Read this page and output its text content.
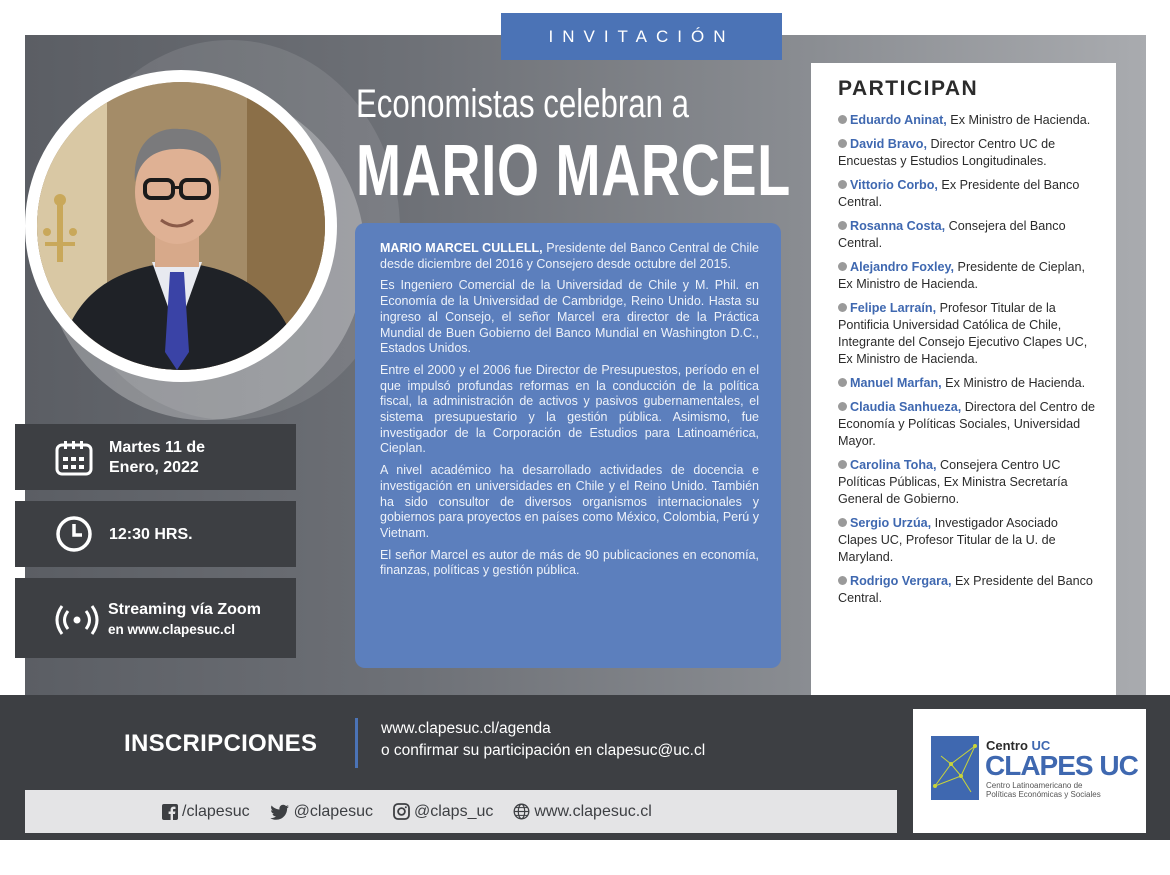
INVITACIÓN
Economistas celebran a
MARIO MARCEL

MARIO MARCEL CULLELL, Presidente del Banco Central de Chile desde diciembre del 2016 y Consejero desde octubre del 2015.

Es Ingeniero Comercial de la Universidad de Chile y M. Phil. en Economía de la Universidad de Cambridge, Reino Unido. Hasta su ingreso al Consejo, el señor Marcel era director de la Práctica Mundial de Buen Gobierno del Banco Mundial en Washington D.C., Estados Unidos.

Entre el 2000 y el 2006 fue Director de Presupuestos, período en el que impulsó profundas reformas en la conducción de la política fiscal, la administración de activos y pasivos gubernamentales, el sistema presupuestario y la gestión pública. Asimismo, fue investigador de la Corporación de Estudios para Latinoamérica, Cieplan.

A nivel académico ha desarrollado actividades de docencia e investigación en universidades en Chile y el Reino Unido. También ha sido consultor de diversos organismos internacionales y gobiernos para proyectos en países como México, Colombia, Perú y Vietnam.

El señor Marcel es autor de más de 90 publicaciones en economía, finanzas, políticas y gestión pública.

Martes 11 de
Enero, 2022
12:30 HRS.
Streaming vía Zoom
en www.clapesuc.cl
PARTICIPAN
Eduardo Aninat, Ex Ministro de Hacienda.
David Bravo, Director Centro UC de Encuestas y Estudios Longitudinales.
Vittorio Corbo, Ex Presidente del Banco Central.
Rosanna Costa, Consejera del Banco Central.
Alejandro Foxley, Presidente de Cieplan, Ex Ministro de Hacienda.
Felipe Larraín, Profesor Titular de la Pontificia Universidad Católica de Chile, Integrante del Consejo Ejecutivo Clapes UC, Ex Ministro de Hacienda.
Manuel Marfan, Ex Ministro de Hacienda.
Claudia Sanhueza, Directora del Centro de Economía y Políticas Sociales, Universidad Mayor.
Carolina Toha, Consejera Centro UC Políticas Públicas, Ex Ministra Secretaría General de Gobierno.
Sergio Urzúa, Investigador Asociado Clapes UC, Profesor Titular de la U. de Maryland.
Rodrigo Vergara, Ex Presidente del Banco Central.
INSCRIPCIONES
www.clapesuc.cl/agenda
o confirmar su participación en clapesuc@uc.cl
/clapesuc	@clapesuc	@claps_uc	www.clapesuc.cl
Centro UC
CLAPES UC
Centro Latinoamericano de
Políticas Económicas y Sociales
